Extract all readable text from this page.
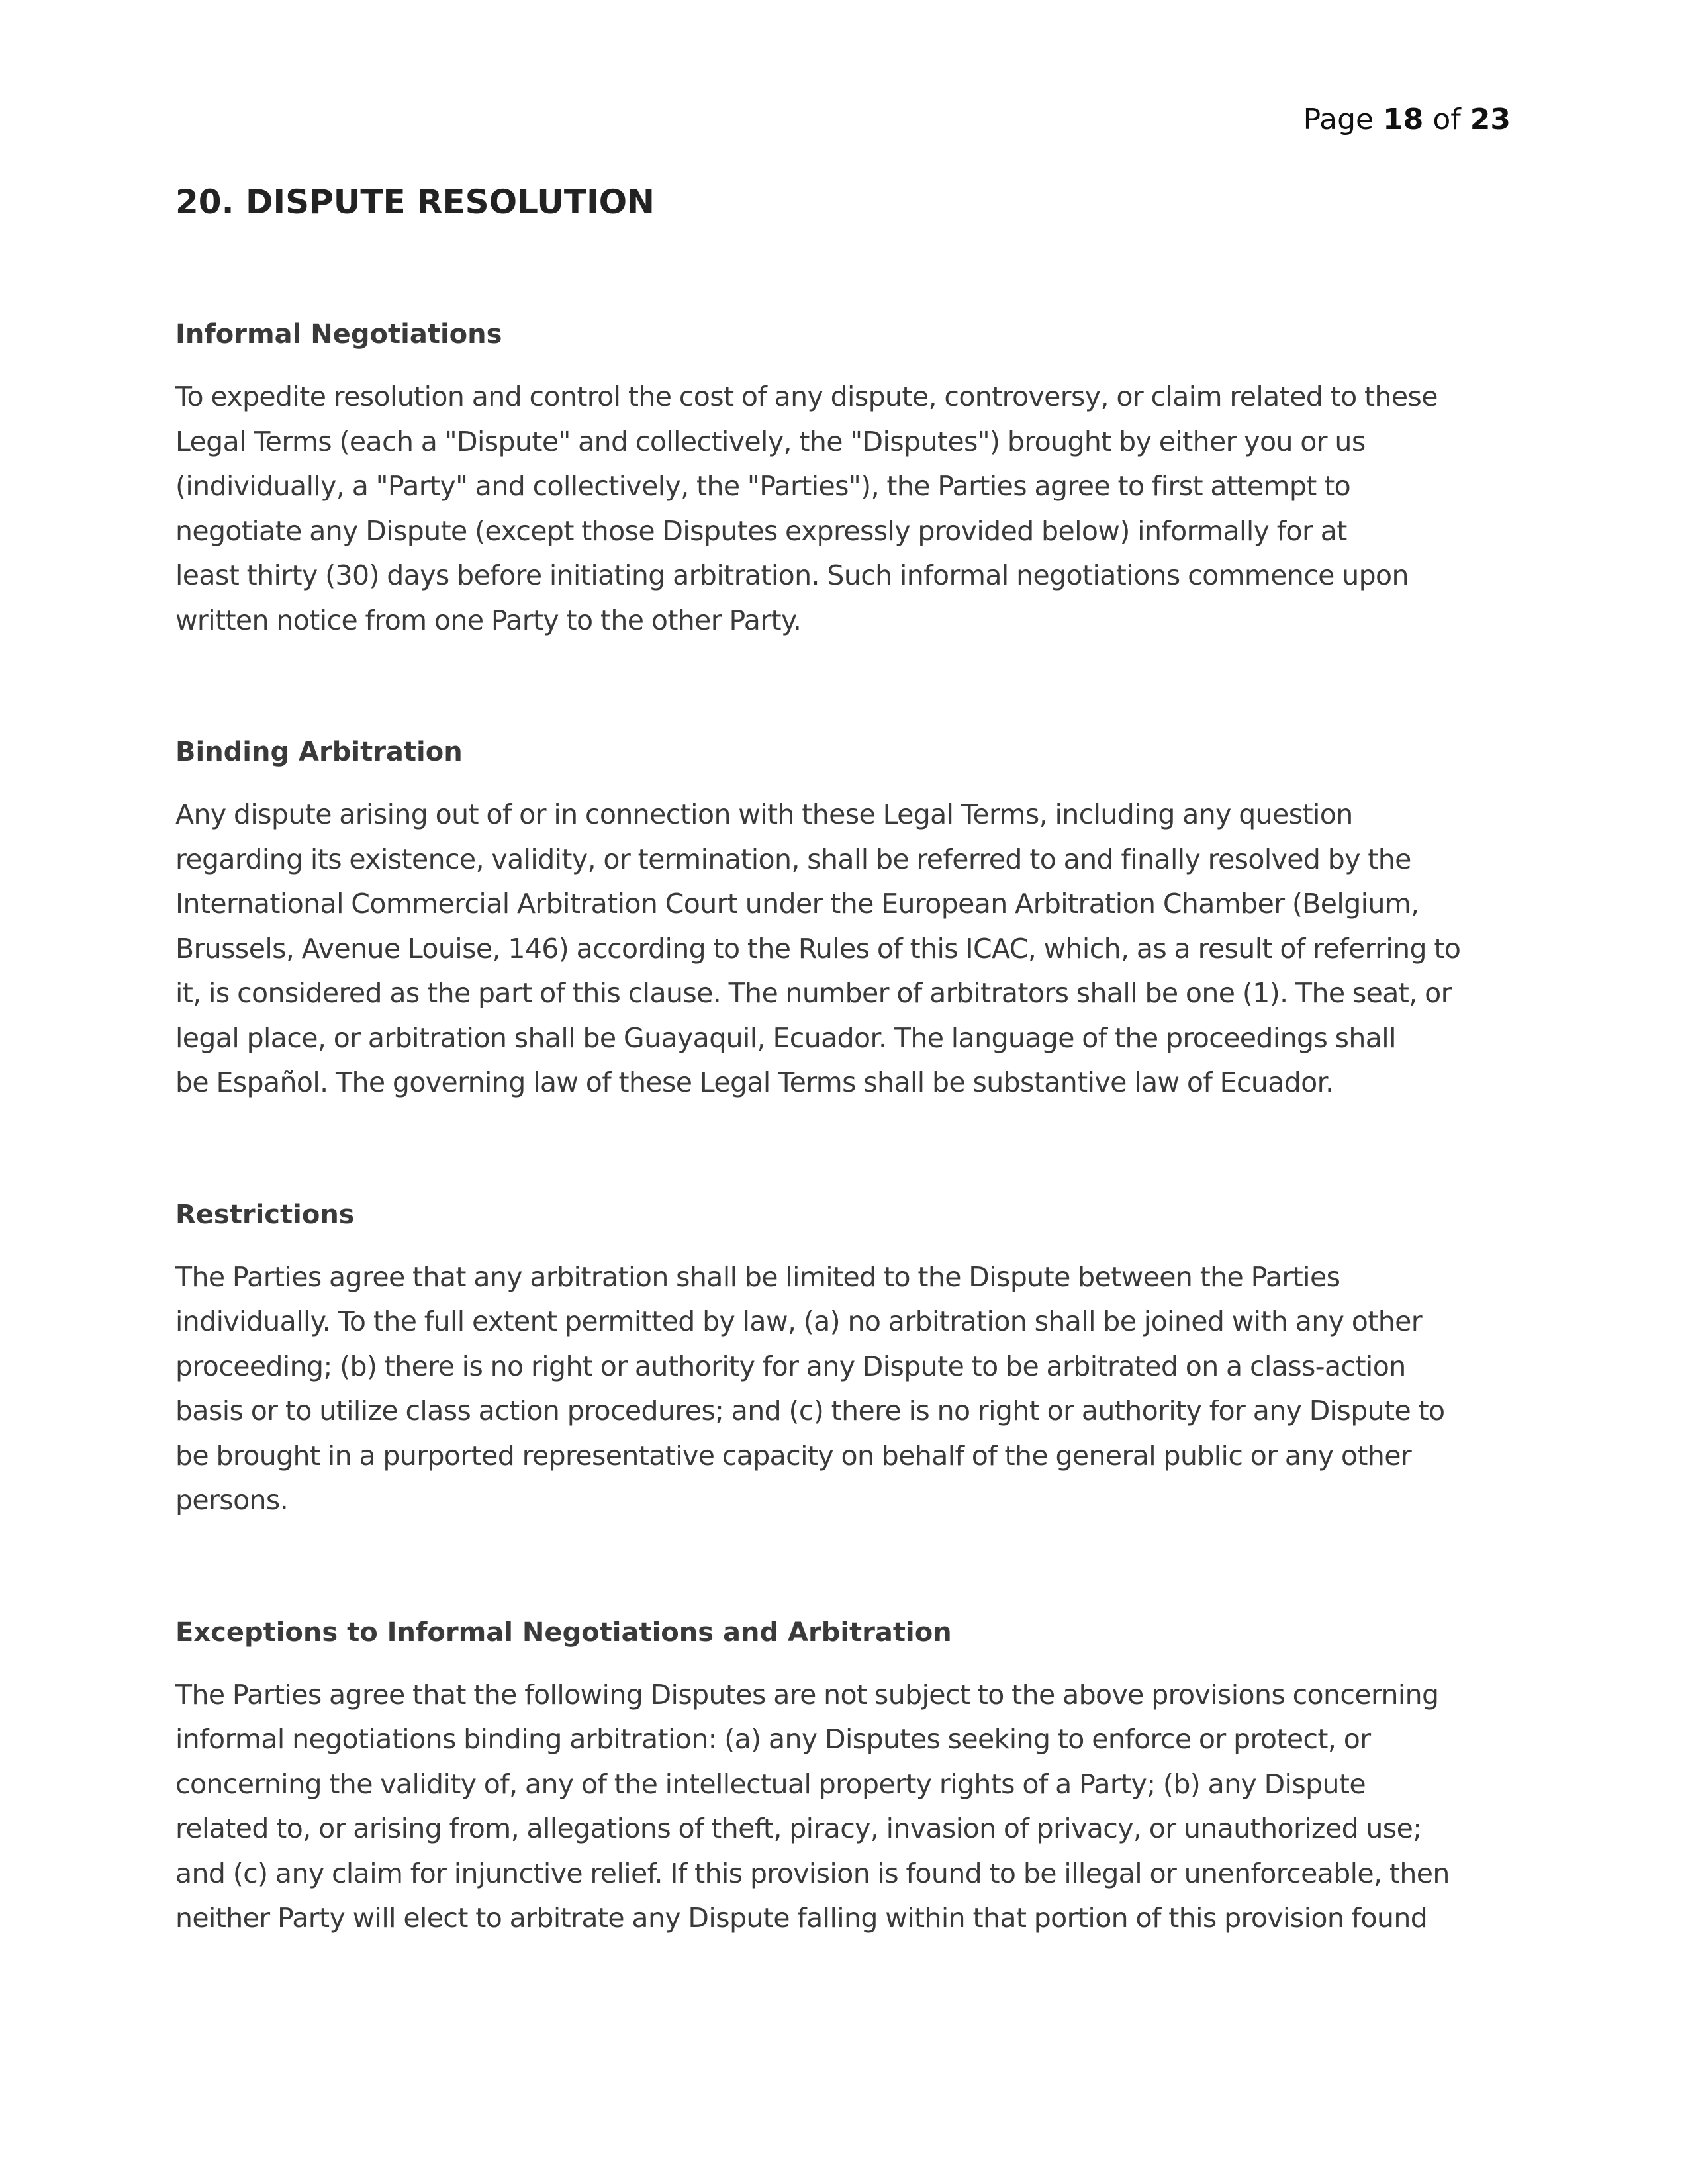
Page 18 of 23
20. DISPUTE RESOLUTION
Informal Negotiations

To expedite resolution and control the cost of any dispute, controversy, or claim related to these
Legal Terms (each a "Dispute" and collectively, the "Disputes") brought by either you or us
(individually, a "Party" and collectively, the "Parties"), the Parties agree to first attempt to
negotiate any Dispute (except those Disputes expressly provided below) informally for at
least thirty (30) days before initiating arbitration. Such informal negotiations commence upon
written notice from one Party to the other Party.

Binding Arbitration

Any dispute arising out of or in connection with these Legal Terms, including any question
regarding its existence, validity, or termination, shall be referred to and finally resolved by the
International Commercial Arbitration Court under the European Arbitration Chamber (Belgium,
Brussels, Avenue Louise, 146) according to the Rules of this ICAC, which, as a result of referring to
it, is considered as the part of this clause. The number of arbitrators shall be one (1). The seat, or
legal place, or arbitration shall be Guayaquil, Ecuador. The language of the proceedings shall
be Español. The governing law of these Legal Terms shall be substantive law of Ecuador.

Restrictions

The Parties agree that any arbitration shall be limited to the Dispute between the Parties
individually. To the full extent permitted by law, (a) no arbitration shall be joined with any other
proceeding; (b) there is no right or authority for any Dispute to be arbitrated on a class-action
basis or to utilize class action procedures; and (c) there is no right or authority for any Dispute to
be brought in a purported representative capacity on behalf of the general public or any other
persons.

Exceptions to Informal Negotiations and Arbitration

The Parties agree that the following Disputes are not subject to the above provisions concerning
informal negotiations binding arbitration: (a) any Disputes seeking to enforce or protect, or
concerning the validity of, any of the intellectual property rights of a Party; (b) any Dispute
related to, or arising from, allegations of theft, piracy, invasion of privacy, or unauthorized use;
and (c) any claim for injunctive relief. If this provision is found to be illegal or unenforceable, then
neither Party will elect to arbitrate any Dispute falling within that portion of this provision found
